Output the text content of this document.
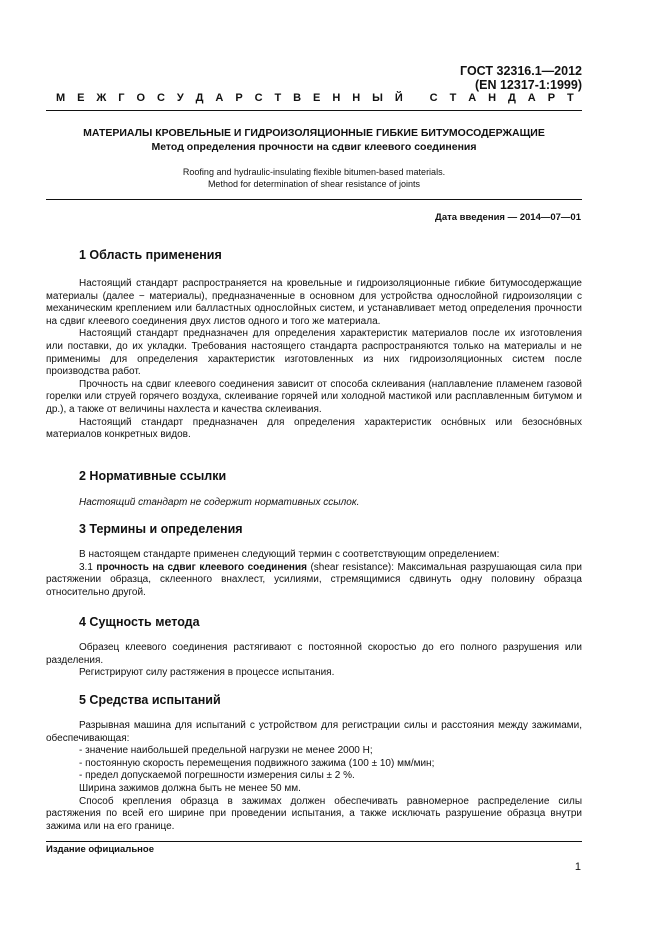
ГОСТ 32316.1—2012
(EN 12317-1:1999)
М Е Ж Г О С У Д А Р С Т В Е Н Н Ы Й
С Т А Н Д А Р Т
МАТЕРИАЛЫ КРОВЕЛЬНЫЕ И ГИДРОИЗОЛЯЦИОННЫЕ ГИБКИЕ БИТУМОСОДЕРЖАЩИЕ
Метод определения прочности на сдвиг клеевого соединения
Roofing and hydraulic-insulating flexible bitumen-based materials.
Method for determination of shear resistance of joints
Дата введения — 2014—07—01
1 Область применения

Настоящий стандарт распространяется на кровельные и гидроизоляционные гибкие битумосодержащие материалы (далее − материалы), предназначенные в основном для устройства однослойной гидроизоляции с механическим креплением или балластных однослойных систем, и устанавливает метод определения прочности на сдвиг клеевого соединения двух листов одного и того же материала.

Настоящий стандарт предназначен для определения характеристик материалов после их изготовления или поставки, до их укладки. Требования настоящего стандарта распространяются только на материалы и не применимы для определения характеристик изготовленных из них гидроизоляционных систем после производства работ.

Прочность на сдвиг клеевого соединения зависит от способа склеивания (наплавление пламенем газовой горелки или струей горячего воздуха, склеивание горячей или холодной мастикой или расплавленным битумом и др.), а также от величины нахлеста и качества склеивания.

Настоящий стандарт предназначен для определения характеристик осно́вных или безосно́вных материалов конкретных видов.

2 Нормативные ссылки

Настоящий стандарт не содержит нормативных ссылок.

3 Термины и определения

В настоящем стандарте применен следующий термин с соответствующим определением:

3.1 прочность на сдвиг клеевого соединения (shear resistance): Максимальная разрушающая сила при растяжении образца, склеенного внахлест, усилиями, стремящимися сдвинуть одну половину образца относительно другой.

4 Сущность метода

Образец клеевого соединения растягивают с постоянной скоростью до его полного разрушения или разделения.

Регистрируют силу растяжения в процессе испытания.

5 Средства испытаний

Разрывная машина для испытаний с устройством для регистрации силы и расстояния между зажимами, обеспечивающая:

- значение наибольшей предельной нагрузки не менее 2000 Н;

- постоянную скорость перемещения подвижного зажима (100 ± 10) мм/мин;

- предел допускаемой погрешности измерения силы ± 2 %.

Ширина зажимов должна быть не менее 50 мм.

Способ крепления образца в зажимах должен обеспечивать равномерное распределение силы растяжения по всей его ширине при проведении испытания, а также исключать разрушение образца внутри зажима или на его границе.

Издание официальное
1
